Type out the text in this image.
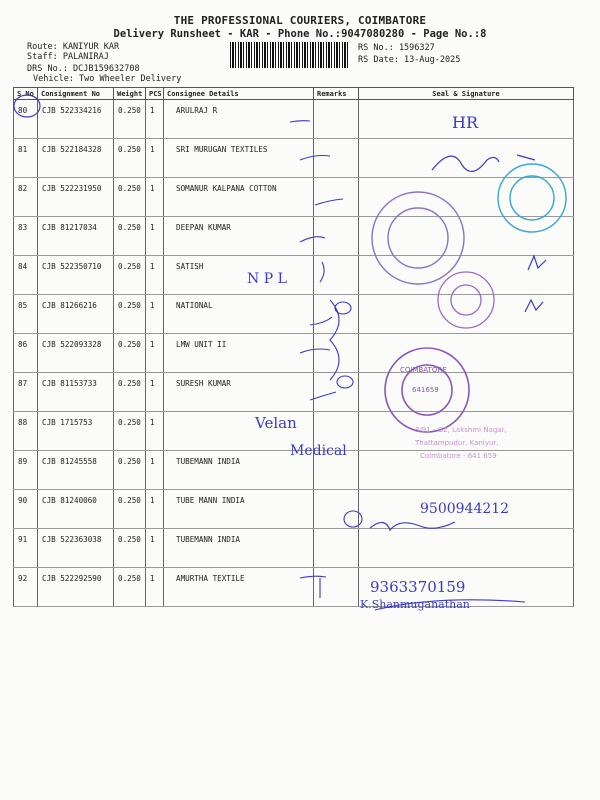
THE PROFESSIONAL COURIERS, COIMBATORE
Delivery Runsheet - KAR - Phone No.:9047080280 - Page No.:8
Route: KANIYUR KAR
Staff: PALANIRAJ
DRS No.: DCJB159632708
Vehicle: Two Wheeler Delivery
RS No.: 1596327
RS Date: 13-Aug-2025
S No	Consignment No	Weight	PCS	Consignee Details	Remarks	Seal & Signature
80	CJB 522334216	0.250	1	ARULRAJ R		
81	CJB 522184328	0.250	1	SRI MURUGAN TEXTILES		
82	CJB 522231950	0.250	1	SOMANUR KALPANA COTTON		
83	CJB 81217034	0.250	1	DEEPAN KUMAR		
84	CJB 522350710	0.250	1	SATISH		
85	CJB 81266216	0.250	1	NATIONAL		
86	CJB 522093328	0.250	1	LMW UNIT II		
87	CJB 81153733	0.250	1	SURESH KUMAR		
88	CJB 1715753	0.250	1			
89	CJB 81245558	0.250	1	TUBEMANN INDIA		
90	CJB 81240060	0.250	1	TUBE MANN INDIA		
91	CJB 522363038	0.250	1	TUBEMANN INDIA		
92	CJB 522292590	0.250	1	AMURTHA TEXTILE		
N P L
Velan
Medical
9500944212
9363370159
K.Shanmuganathan
HR
COIMBATORE
641659
3/91 - G2, Lakshmi Nagar,
Thattampudur, Kaniyur,
Coimbatore - 641 659
